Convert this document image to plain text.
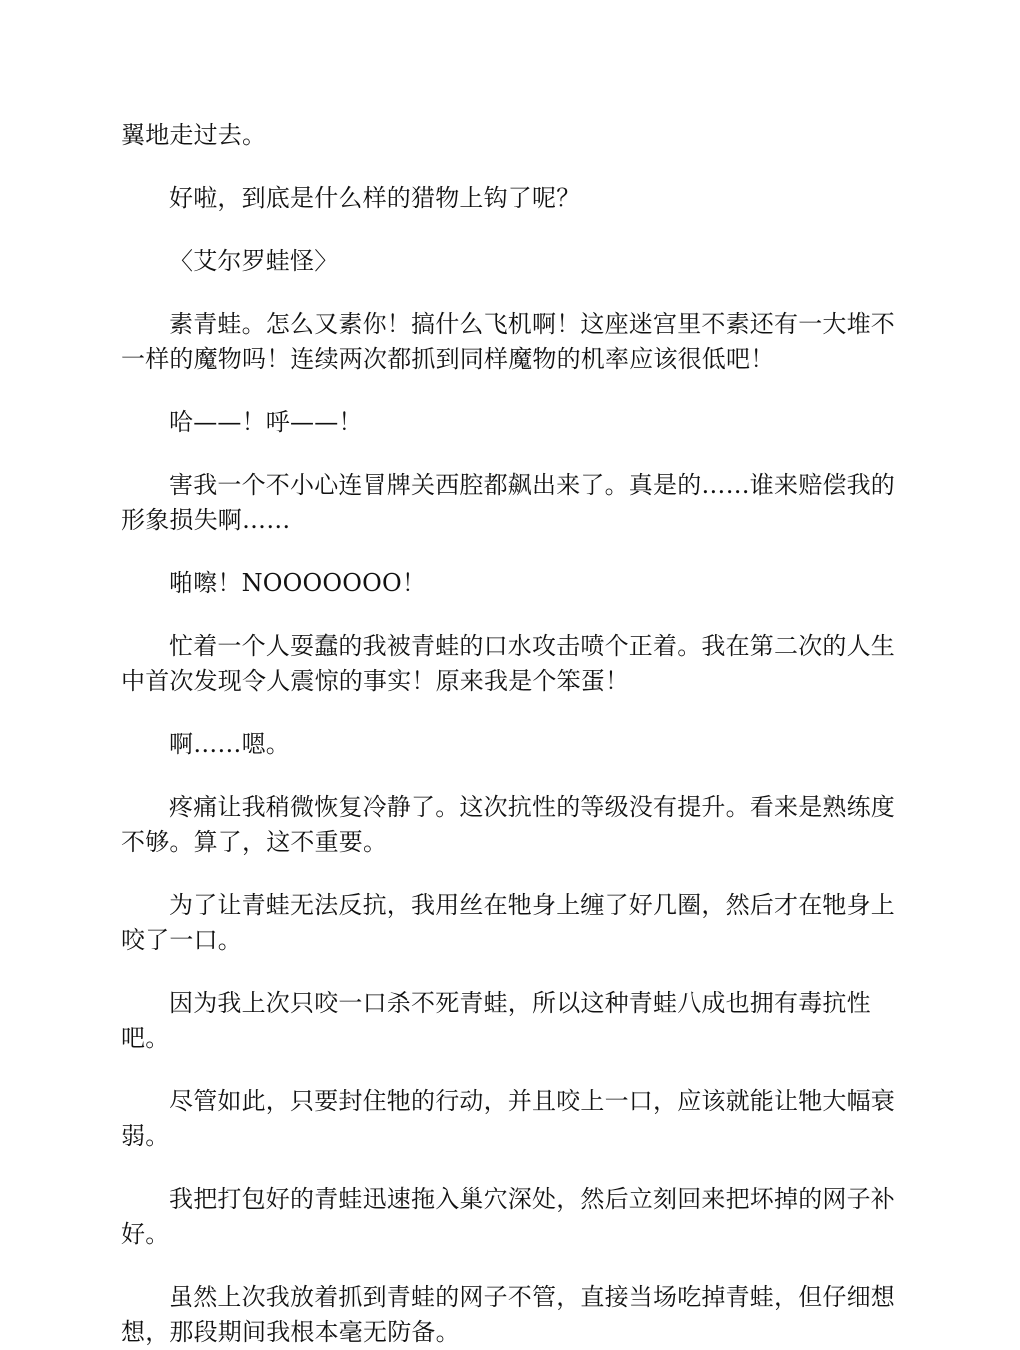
翼地走过去。

好啦，到底是什么样的猎物上钩了呢？

〈艾尔罗蛙怪〉

素青蛙。怎么又素你！搞什么飞机啊！这座迷宫里不素还有一大堆不一样的魔物吗！连续两次都抓到同样魔物的机率应该很低吧！

哈——！呼——！

害我一个不小心连冒牌关西腔都飙出来了。真是的……谁来赔偿我的形象损失啊……

啪嚓！NOOOOOOO！

忙着一个人耍蠢的我被青蛙的口水攻击喷个正着。我在第二次的人生中首次发现令人震惊的事实！原来我是个笨蛋！

啊……嗯。

疼痛让我稍微恢复冷静了。这次抗性的等级没有提升。看来是熟练度不够。算了，这不重要。

为了让青蛙无法反抗，我用丝在牠身上缠了好几圈，然后才在牠身上咬了一口。

因为我上次只咬一口杀不死青蛙，所以这种青蛙八成也拥有毒抗性吧。

尽管如此，只要封住牠的行动，并且咬上一口，应该就能让牠大幅衰弱。

我把打包好的青蛙迅速拖入巢穴深处，然后立刻回来把坏掉的网子补好。

虽然上次我放着抓到青蛙的网子不管，直接当场吃掉青蛙，但仔细想想，那段期间我根本毫无防备。
